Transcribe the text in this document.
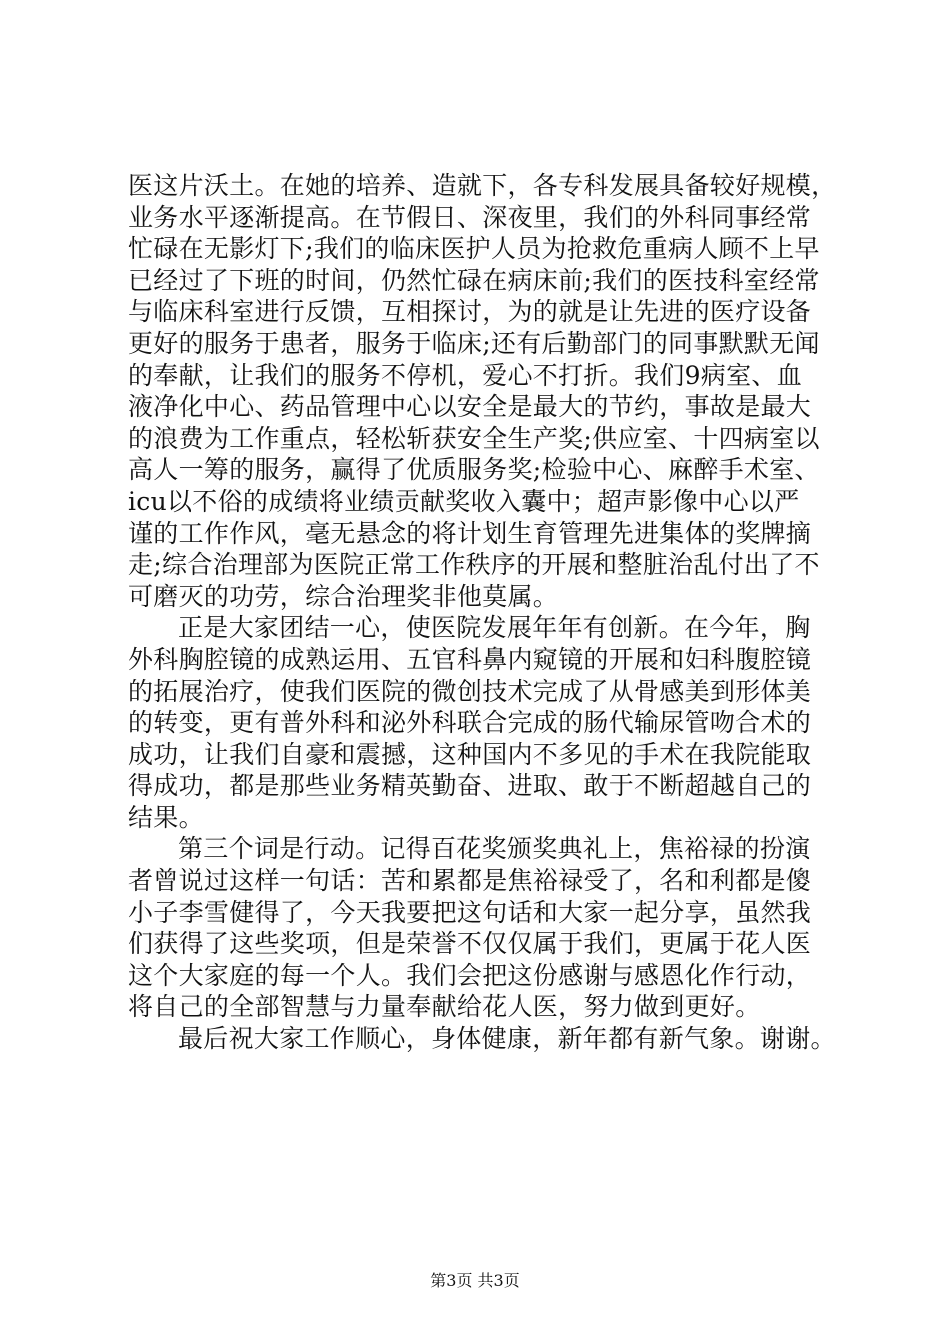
医这片沃土。在她的培养、造就下，各专科发展具备较好规模，
业务水平逐渐提高。在节假日、深夜里，我们的外科同事经常
忙碌在无影灯下;我们的临床医护人员为抢救危重病人顾不上早
已经过了下班的时间，仍然忙碌在病床前;我们的医技科室经常
与临床科室进行反馈，互相探讨，为的就是让先进的医疗设备
更好的服务于患者，服务于临床;还有后勤部门的同事默默无闻
的奉献，让我们的服务不停机，爱心不打折。我们9病室、血
液净化中心、药品管理中心以安全是最大的节约，事故是最大
的浪费为工作重点，轻松斩获安全生产奖;供应室、十四病室以
高人一筹的服务，赢得了优质服务奖;检验中心、麻醉手术室、
icu以不俗的成绩将业绩贡献奖收入囊中；超声影像中心以严
谨的工作作风，毫无悬念的将计划生育管理先进集体的奖牌摘
走;综合治理部为医院正常工作秩序的开展和整脏治乱付出了不
可磨灭的功劳，综合治理奖非他莫属。
正是大家团结一心，使医院发展年年有创新。在今年，胸
外科胸腔镜的成熟运用、五官科鼻内窥镜的开展和妇科腹腔镜
的拓展治疗，使我们医院的微创技术完成了从骨感美到形体美
的转变，更有普外科和泌外科联合完成的肠代输尿管吻合术的
成功，让我们自豪和震撼，这种国内不多见的手术在我院能取
得成功，都是那些业务精英勤奋、进取、敢于不断超越自己的
结果。
第三个词是行动。记得百花奖颁奖典礼上，焦裕禄的扮演
者曾说过这样一句话：苦和累都是焦裕禄受了，名和利都是傻
小子李雪健得了，今天我要把这句话和大家一起分享，虽然我
们获得了这些奖项，但是荣誉不仅仅属于我们，更属于花人医
这个大家庭的每一个人。我们会把这份感谢与感恩化作行动，
将自己的全部智慧与力量奉献给花人医，努力做到更好。
最后祝大家工作顺心，身体健康，新年都有新气象。谢谢。
第3页 共3页
